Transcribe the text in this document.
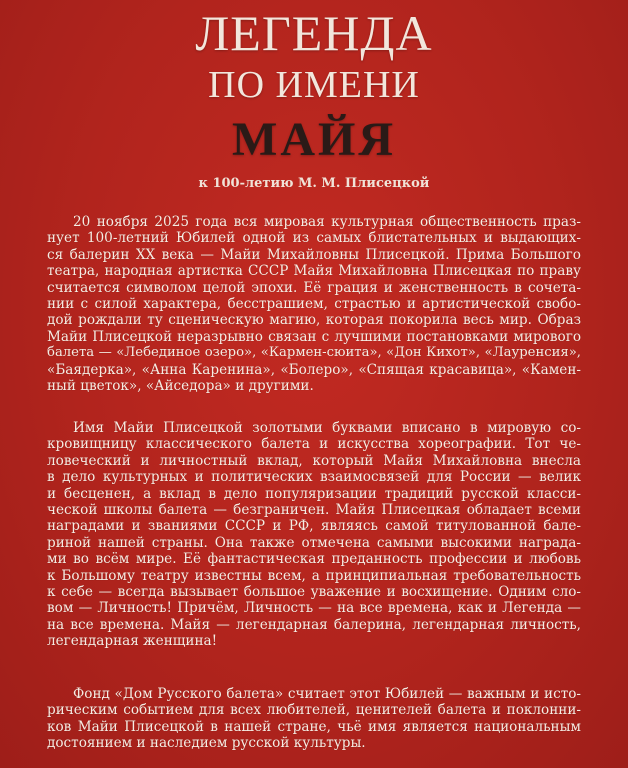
ЛЕГЕНДА
ПО ИМЕНИ
МАЙЯ
к 100-летию М. М. Плисецкой
20 ноября 2025 года вся мировая культурная общественность праз-
нует 100-летний Юбилей одной из самых блистательных и выдающих-
ся балерин XX века — Майи Михайловны Плисецкой. Прима Большого
театра, народная артистка СССР Майя Михайловна Плисецкая по праву
считается символом целой эпохи. Её грация и женственность в сочета-
нии с силой характера, бесстрашием, страстью и артистической свобо-
дой рождали ту сценическую магию, которая покорила весь мир. Образ
Майи Плисецкой неразрывно связан с лучшими постановками мирового
балета — «Лебединое озеро», «Кармен-сюита», «Дон Кихот», «Лауренсия»,
«Баядерка», «Анна Каренина», «Болеро», «Спящая красавица», «Камен-
ный цветок», «Айседора» и другими.
Имя Майи Плисецкой золотыми буквами вписано в мировую со-
кровищницу классического балета и искусства хореографии. Тот че-
ловеческий и личностный вклад, который Майя Михайловна внесла
в дело культурных и политических взаимосвязей для России — велик
и бесценен, а вклад в дело популяризации традиций русской класси-
ческой школы балета — безграничен. Майя Плисецкая обладает всеми
наградами и званиями СССР и РФ, являясь самой титулованной бале-
риной нашей страны. Она также отмечена самыми высокими награда-
ми во всём мире. Её фантастическая преданность профессии и любовь
к Большому театру известны всем, а принципиальная требовательность
к себе — всегда вызывает большое уважение и восхищение. Одним сло-
вом — Личность! Причём, Личность — на все времена, как и Легенда —
на все времена. Майя — легендарная балерина, легендарная личность,
легендарная женщина!
Фонд «Дом Русского балета» считает этот Юбилей — важным и исто-
рическим событием для всех любителей, ценителей балета и поклонни-
ков Майи Плисецкой в нашей стране, чьё имя является национальным
достоянием и наследием русской культуры.
